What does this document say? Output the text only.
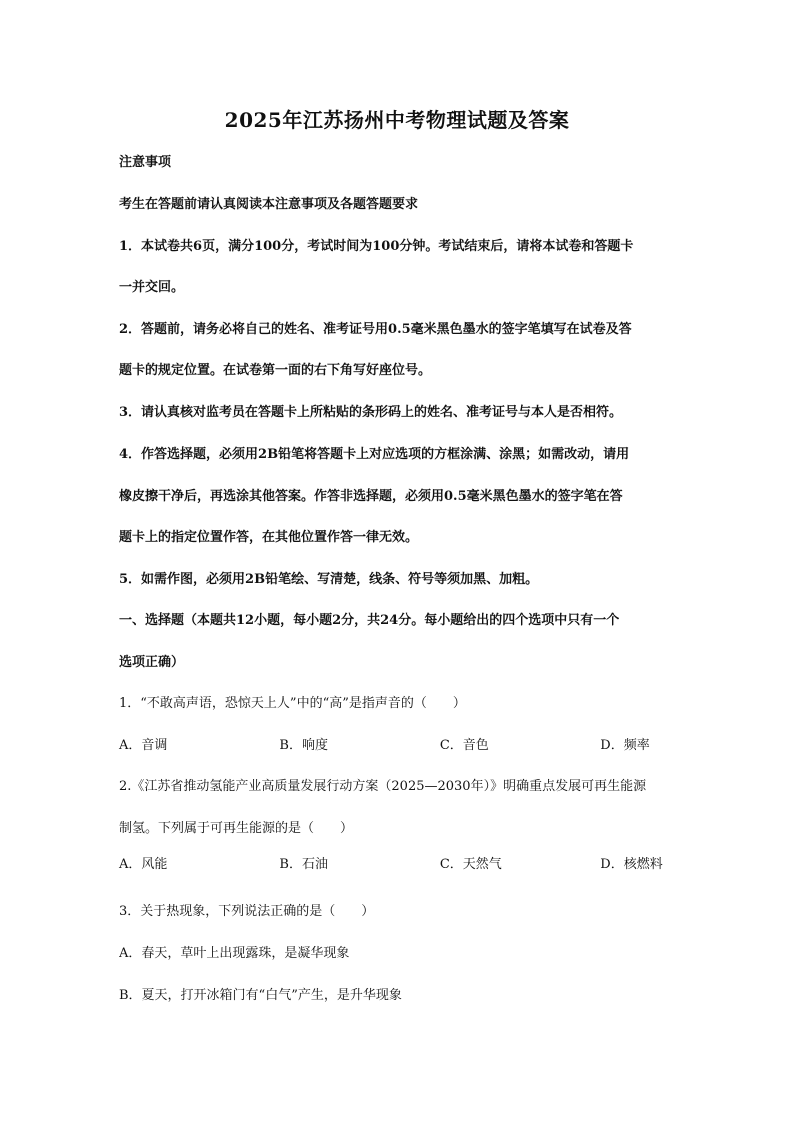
2025年江苏扬州中考物理试题及答案
注意事项
考生在答题前请认真阅读本注意事项及各题答题要求
1．本试卷共6页，满分100分，考试时间为100分钟。考试结束后，请将本试卷和答题卡
一并交回。
2．答题前，请务必将自己的姓名、准考证号用0.5毫米黑色墨水的签字笔填写在试卷及答
题卡的规定位置。在试卷第一面的右下角写好座位号。
3．请认真核对监考员在答题卡上所粘贴的条形码上的姓名、准考证号与本人是否相符。
4．作答选择题，必须用2B铅笔将答题卡上对应选项的方框涂满、涂黑；如需改动，请用
橡皮擦干净后，再选涂其他答案。作答非选择题，必须用0.5毫米黑色墨水的签字笔在答
题卡上的指定位置作答，在其他位置作答一律无效。
5．如需作图，必须用2B铅笔绘、写清楚，线条、符号等须加黑、加粗。
一、选择题（本题共12小题，每小题2分，共24分。每小题给出的四个选项中只有一个
选项正确）
1．“不敢高声语，恐惊天上人”中的“高”是指声音的（　　）
A．音调	B．响度	C．音色	D．频率
2.《江苏省推动氢能产业高质量发展行动方案（2025—2030年）》明确重点发展可再生能源
制氢。下列属于可再生能源的是（　　）
A．风能	B．石油	C．天然气	D．核燃料
3．关于热现象，下列说法正确的是（　　）
A．春天，草叶上出现露珠，是凝华现象
B．夏天，打开冰箱门有“白气”产生，是升华现象
